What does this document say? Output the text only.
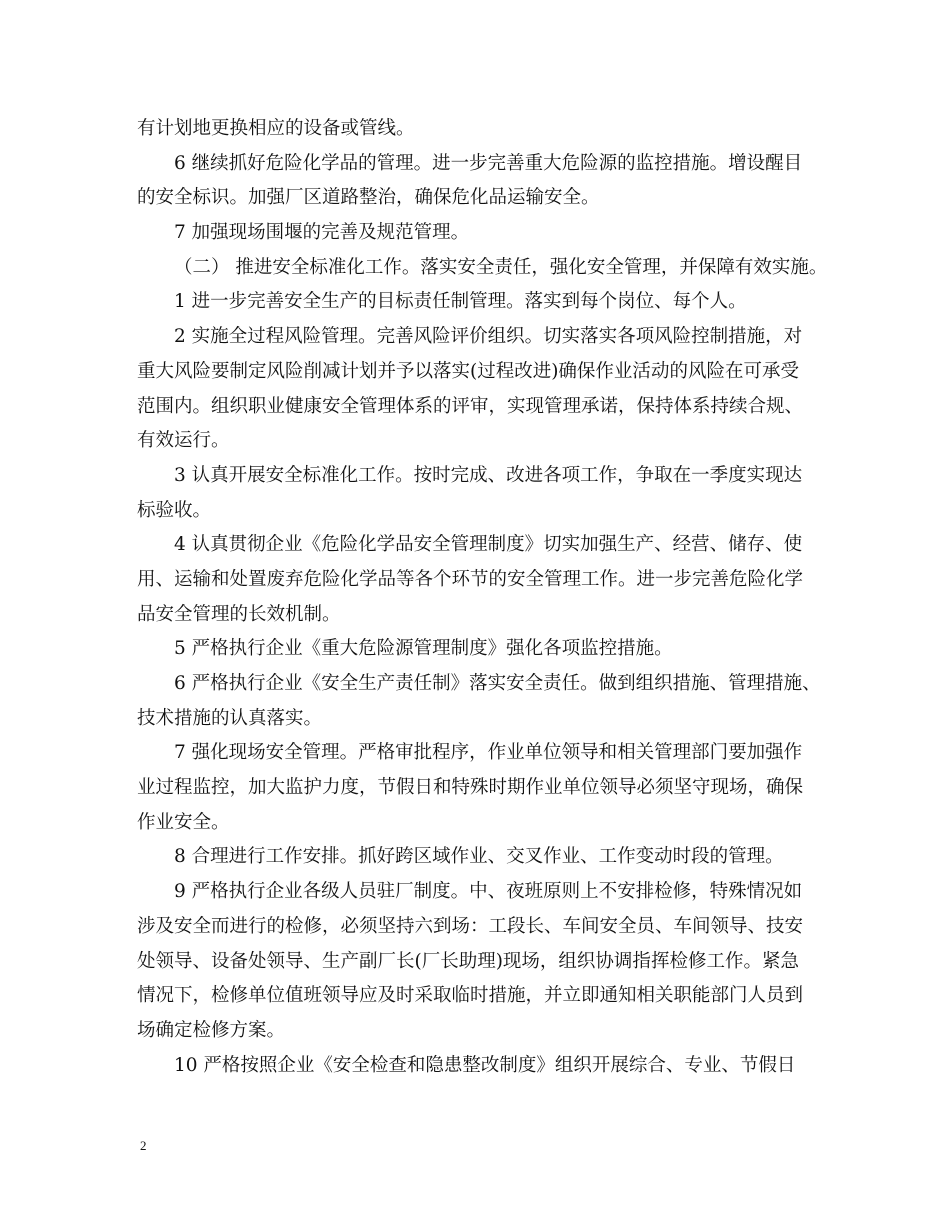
有计划地更换相应的设备或管线。
6 继续抓好危险化学品的管理。进一步完善重大危险源的监控措施。增设醒目
的安全标识。加强厂区道路整治，确保危化品运输安全。
7 加强现场围堰的完善及规范管理。
（二） 推进安全标准化工作。落实安全责任，强化安全管理，并保障有效实施。
1 进一步完善安全生产的目标责任制管理。落实到每个岗位、每个人。
2 实施全过程风险管理。完善风险评价组织。切实落实各项风险控制措施，对
重大风险要制定风险削减计划并予以落实(过程改进)确保作业活动的风险在可承受
范围内。组织职业健康安全管理体系的评审，实现管理承诺，保持体系持续合规、
有效运行。
3 认真开展安全标准化工作。按时完成、改进各项工作，争取在一季度实现达
标验收。
4 认真贯彻企业《危险化学品安全管理制度》切实加强生产、经营、储存、使
用、运输和处置废弃危险化学品等各个环节的安全管理工作。进一步完善危险化学
品安全管理的长效机制。
5 严格执行企业《重大危险源管理制度》强化各项监控措施。
6 严格执行企业《安全生产责任制》落实安全责任。做到组织措施、管理措施、
技术措施的认真落实。
7 强化现场安全管理。严格审批程序，作业单位领导和相关管理部门要加强作
业过程监控，加大监护力度，节假日和特殊时期作业单位领导必须坚守现场，确保
作业安全。
8 合理进行工作安排。抓好跨区域作业、交叉作业、工作变动时段的管理。
9 严格执行企业各级人员驻厂制度。中、夜班原则上不安排检修，特殊情况如
涉及安全而进行的检修，必须坚持六到场：工段长、车间安全员、车间领导、技安
处领导、设备处领导、生产副厂长(厂长助理)现场，组织协调指挥检修工作。紧急
情况下，检修单位值班领导应及时采取临时措施，并立即通知相关职能部门人员到
场确定检修方案。
10 严格按照企业《安全检查和隐患整改制度》组织开展综合、专业、节假日
2
